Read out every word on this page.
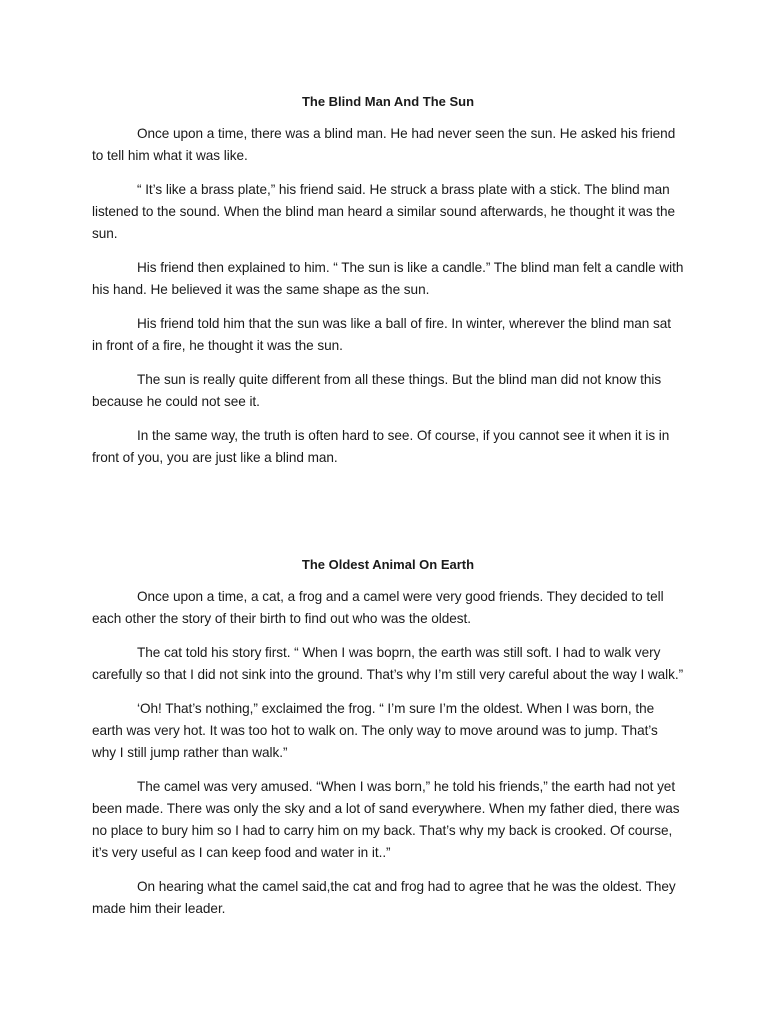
The Blind Man And The Sun

Once upon a time, there was a blind man. He had never seen the sun. He asked his friend to tell him what it was like.

“ It’s like a brass plate,” his friend said. He struck a brass plate with a stick. The blind man listened to the sound. When the blind man heard a similar sound afterwards, he thought it was the sun.

His friend then explained to him. “ The sun is like a candle.” The blind man felt a candle with his hand. He believed it was the same shape as the sun.

His friend told him that the sun was like a ball of fire. In winter, wherever the blind man sat in front of a fire, he thought it was the sun.

The sun is really quite different from all these things. But the blind man did not know this because he could not see it.

In the same way, the truth is often hard to see. Of course, if you cannot see it when it is in front of you, you are just like a blind man.

The Oldest Animal On Earth

Once upon a time, a cat, a frog and a camel were very good friends. They decided to tell each other the story of their birth to find out who was the oldest.

The cat told his story first. “ When I was boprn, the earth was still soft. I had to walk very carefully so that I did not sink into the ground. That’s why I’m still very careful about the way I walk.”

‘Oh! That’s nothing,” exclaimed the frog. “ I’m sure I’m the oldest. When I was born, the earth was very hot. It was too hot to walk on. The only way to move around was to jump. That’s why I still jump rather than walk.”

The camel was very amused. “When I was born,” he told his friends,” the earth had not yet been made. There was only the sky and a lot of sand everywhere. When my father died, there was no place to bury him so I had to carry him on my back. That’s why my back is crooked. Of course, it’s very useful as I can keep food and water in it..”

On hearing what the camel said,the cat and frog had to agree that he was the oldest. They made him their leader.
